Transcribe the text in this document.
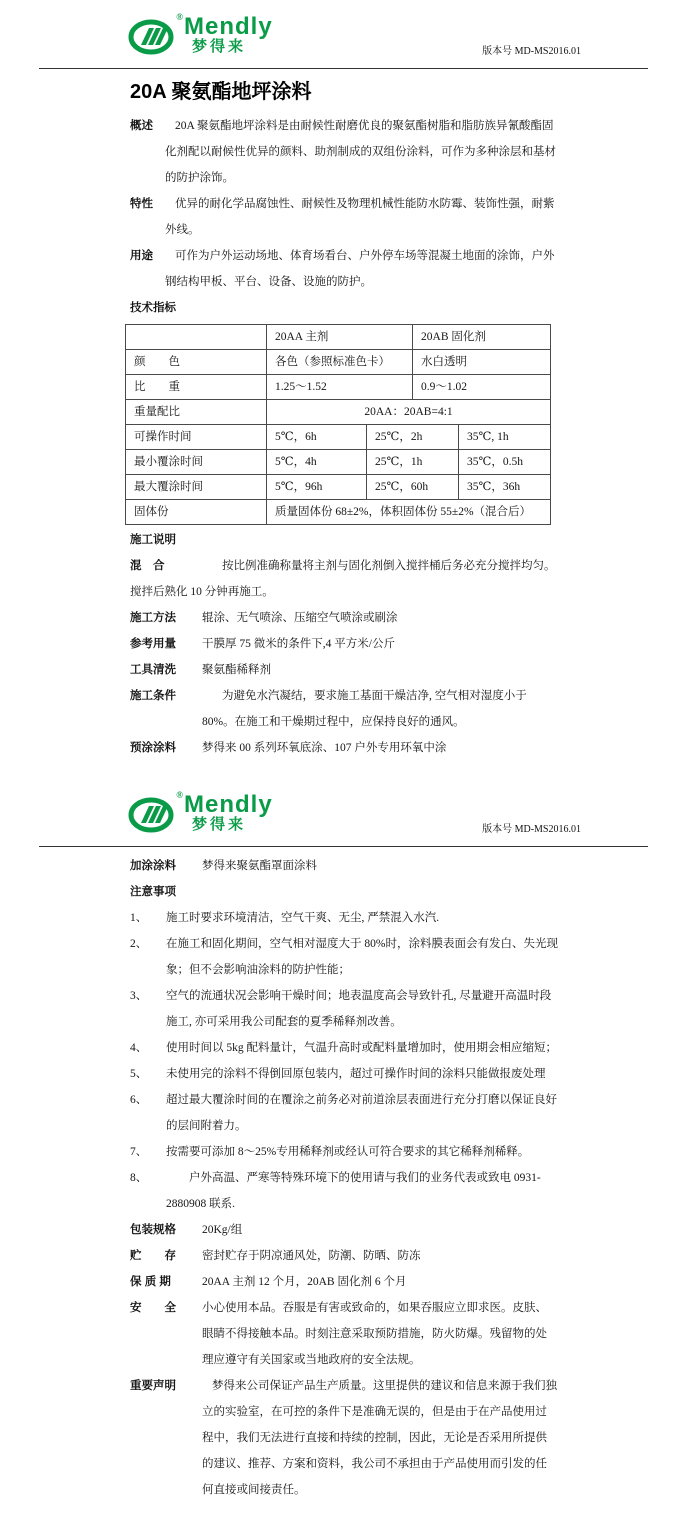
® Mendly
梦得来	版本号 MD-MS2016.01
20A 聚氨酯地坪涂料
概述	20A 聚氨酯地坪涂料是由耐候性耐磨优良的聚氨酯树脂和脂肪族异氰酸酯固化剂配以耐候性优异的颜料、助剂制成的双组份涂料，可作为多种涂层和基材的防护涂饰。
特性	优异的耐化学品腐蚀性、耐候性及物理机械性能防水防霉、装饰性强，耐紫外线。
用途	可作为户外运动场地、体育场看台、户外停车场等混凝土地面的涂饰，户外钢结构甲板、平台、设备、设施的防护。
技术指标
	20AA 主剂		20AB 固化剂	
颜　　色	各色（参照标准色卡）		水白透明	
比　　重	1.25～1.52		0.9～1.02	
重量配比	20AA：20AB=4:1			
可操作时间	5℃，6h	25℃，2h		35℃, 1h
最小覆涂时间	5℃，4h	25℃，1h		35℃，0.5h
最大覆涂时间	5℃，96h	25℃，60h		35℃，36h
固体份	质量固体份 68±2%，体积固体份 55±2%（混合后）			
施工说明
混　合	按比例准确称量将主剂与固化剂倒入搅拌桶后务必充分搅拌均匀。
搅拌后熟化 10 分钟再施工。
施工方法	辊涂、无气喷涂、压缩空气喷涂或刷涂
参考用量	干膜厚 75 微米的条件下,4 平方米/公斤
工具清洗	聚氨酯稀释剂
施工条件	为避免水汽凝结，要求施工基面干燥洁净, 空气相对湿度小于 80%。在施工和干燥期过程中，应保持良好的通风。
预涂涂料	梦得来 00 系列环氧底涂、107 户外专用环氧中涂
® Mendly
梦得来	版本号 MD-MS2016.01
加涂涂料	梦得来聚氨酯罩面涂料
注意事项
1、	施工时要求环境清洁，空气干爽、无尘, 严禁混入水汽.
2、	在施工和固化期间，空气相对湿度大于 80%时，涂料膜表面会有发白、失光现象；但不会影响油涂料的防护性能；
3、	空气的流通状况会影响干燥时间；地表温度高会导致针孔, 尽量避开高温时段施工, 亦可采用我公司配套的夏季稀释剂改善。
4、	使用时间以 5kg 配料量计，气温升高时或配料量增加时，使用期会相应缩短；
5、	未使用完的涂料不得倒回原包装内，超过可操作时间的涂料只能做报废处理
6、	超过最大覆涂时间的在覆涂之前务必对前道涂层表面进行充分打磨以保证良好的层间附着力。
7、	按需要可添加 8～25%专用稀释剂或经认可符合要求的其它稀释剂稀释。
8、	　　户外高温、严寒等特殊环境下的使用请与我们的业务代表或致电 0931-2880908 联系.
包装规格	20Kg/组
贮　　存	密封贮存于阴凉通风处，防潮、防晒、防冻
保 质 期	20AA 主剂 12 个月，20AB 固化剂 6 个月
安　　全	小心使用本品。吞服是有害或致命的，如果吞服应立即求医。皮肤、眼睛不得接触本品。时刻注意采取预防措施，防火防爆。残留物的处理应遵守有关国家或当地政府的安全法规。
重要声明	梦得来公司保证产品生产质量。这里提供的建议和信息来源于我们独立的实验室，在可控的条件下是准确无误的，但是由于在产品使用过程中，我们无法进行直接和持续的控制，因此，无论是否采用所提供的建议、推荐、方案和资料，我公司不承担由于产品使用而引发的任何直接或间接责任。
